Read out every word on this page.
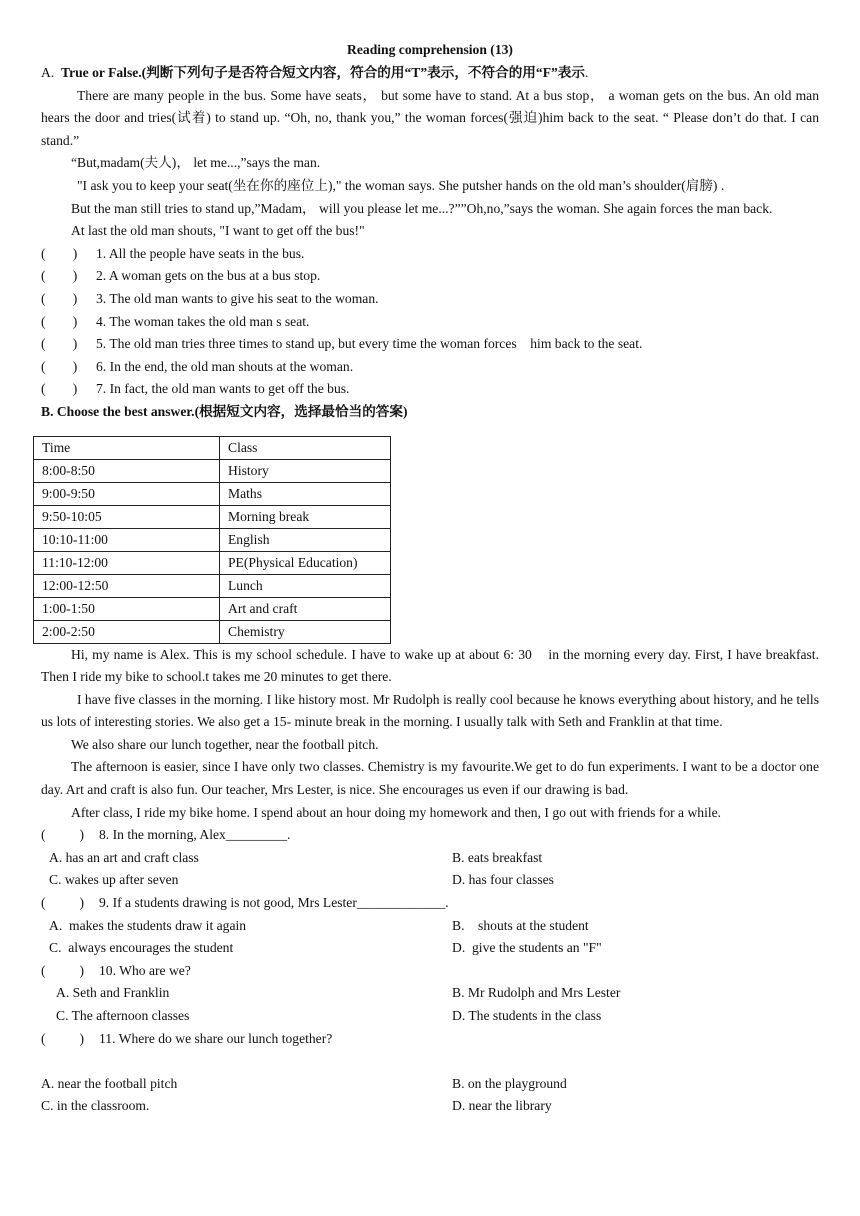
Reading comprehension (13)
A.  True or False.(判断下列句子是否符合短文内容，符合的用“T”表示，不符合的用“F”表示.

There are many people in the bus. Some have seats， but some have to stand. At a bus stop， a woman gets on the bus. An old man hears the door and tries(试着) to stand up. “Oh, no, thank you,” the woman forces(强迫)him back to the seat. “ Please don’t do that. I can stand.”

“But,madam(夫人)， let me...,”says the man.

"I ask you to keep your seat(坐在你的座位上)," the woman says. She putsher hands on the old man’s shoulder(肩膀) .

But the man still tries to stand up,”Madam， will you please let me...?””Oh,no,”says the woman. She again forces the man back.

At last the old man shouts, "I want to get off the bus!"

(        ) 1. All the people have seats in the bus.
(        ) 2. A woman gets on the bus at a bus stop.
(        ) 3. The old man wants to give his seat to the woman.
(        ) 4. The woman takes the old man s seat.
(        ) 5. The old man tries three times to stand up, but every time the woman forces    him back to the seat.
(        ) 6. In the end, the old man shouts at the woman.
(        ) 7. In fact, the old man wants to get off the bus.
B. Choose the best answer.(根据短文内容，选择最恰当的答案)
Time	Class
8:00-8:50	History
9:00-9:50	Maths
9:50-10:05	Morning break
10:10-11:00	English
11:10-12:00	PE(Physical Education)
12:00-12:50	Lunch
1:00-1:50	Art and craft
2:00-2:50	Chemistry

Hi, my name is Alex. This is my school schedule. I have to wake up at about 6: 30    in the morning every day. First, I have breakfast. Then I ride my bike to school.t takes me 20 minutes to get there.

I have five classes in the morning. I like history most. Mr Rudolph is really cool because he knows everything about history, and he tells us lots of interesting stories. We also get a 15- minute break in the morning. I usually talk with Seth and Franklin at that time.

We also share our lunch together, near the football pitch.

The afternoon is easier, since I have only two classes. Chemistry is my favourite.We get to do fun experiments. I want to be a doctor one day. Art and craft is also fun. Our teacher, Mrs Lester, is nice. She encourages us even if our drawing is bad.

After class, I ride my bike home. I spend about an hour doing my homework and then, I go out with friends for a while.

(          ) 8. In the morning, Alex_________.
A. has an art and craft class	B. eats breakfast
C. wakes up after seven	D. has four classes
(          ) 9. If a students drawing is not good, Mrs Lester_____________.
A.  makes the students draw it again	B.    shouts at the student
C.  always encourages the student	D.  give the students an "F"
(          ) 10. Who are we?
A. Seth and Franklin	B. Mr Rudolph and Mrs Lester
C. The afternoon classes	D. The students in the class
(          ) 11. Where do we share our lunch together?
A. near the football pitch	B. on the playground
C. in the classroom.	D. near the library
